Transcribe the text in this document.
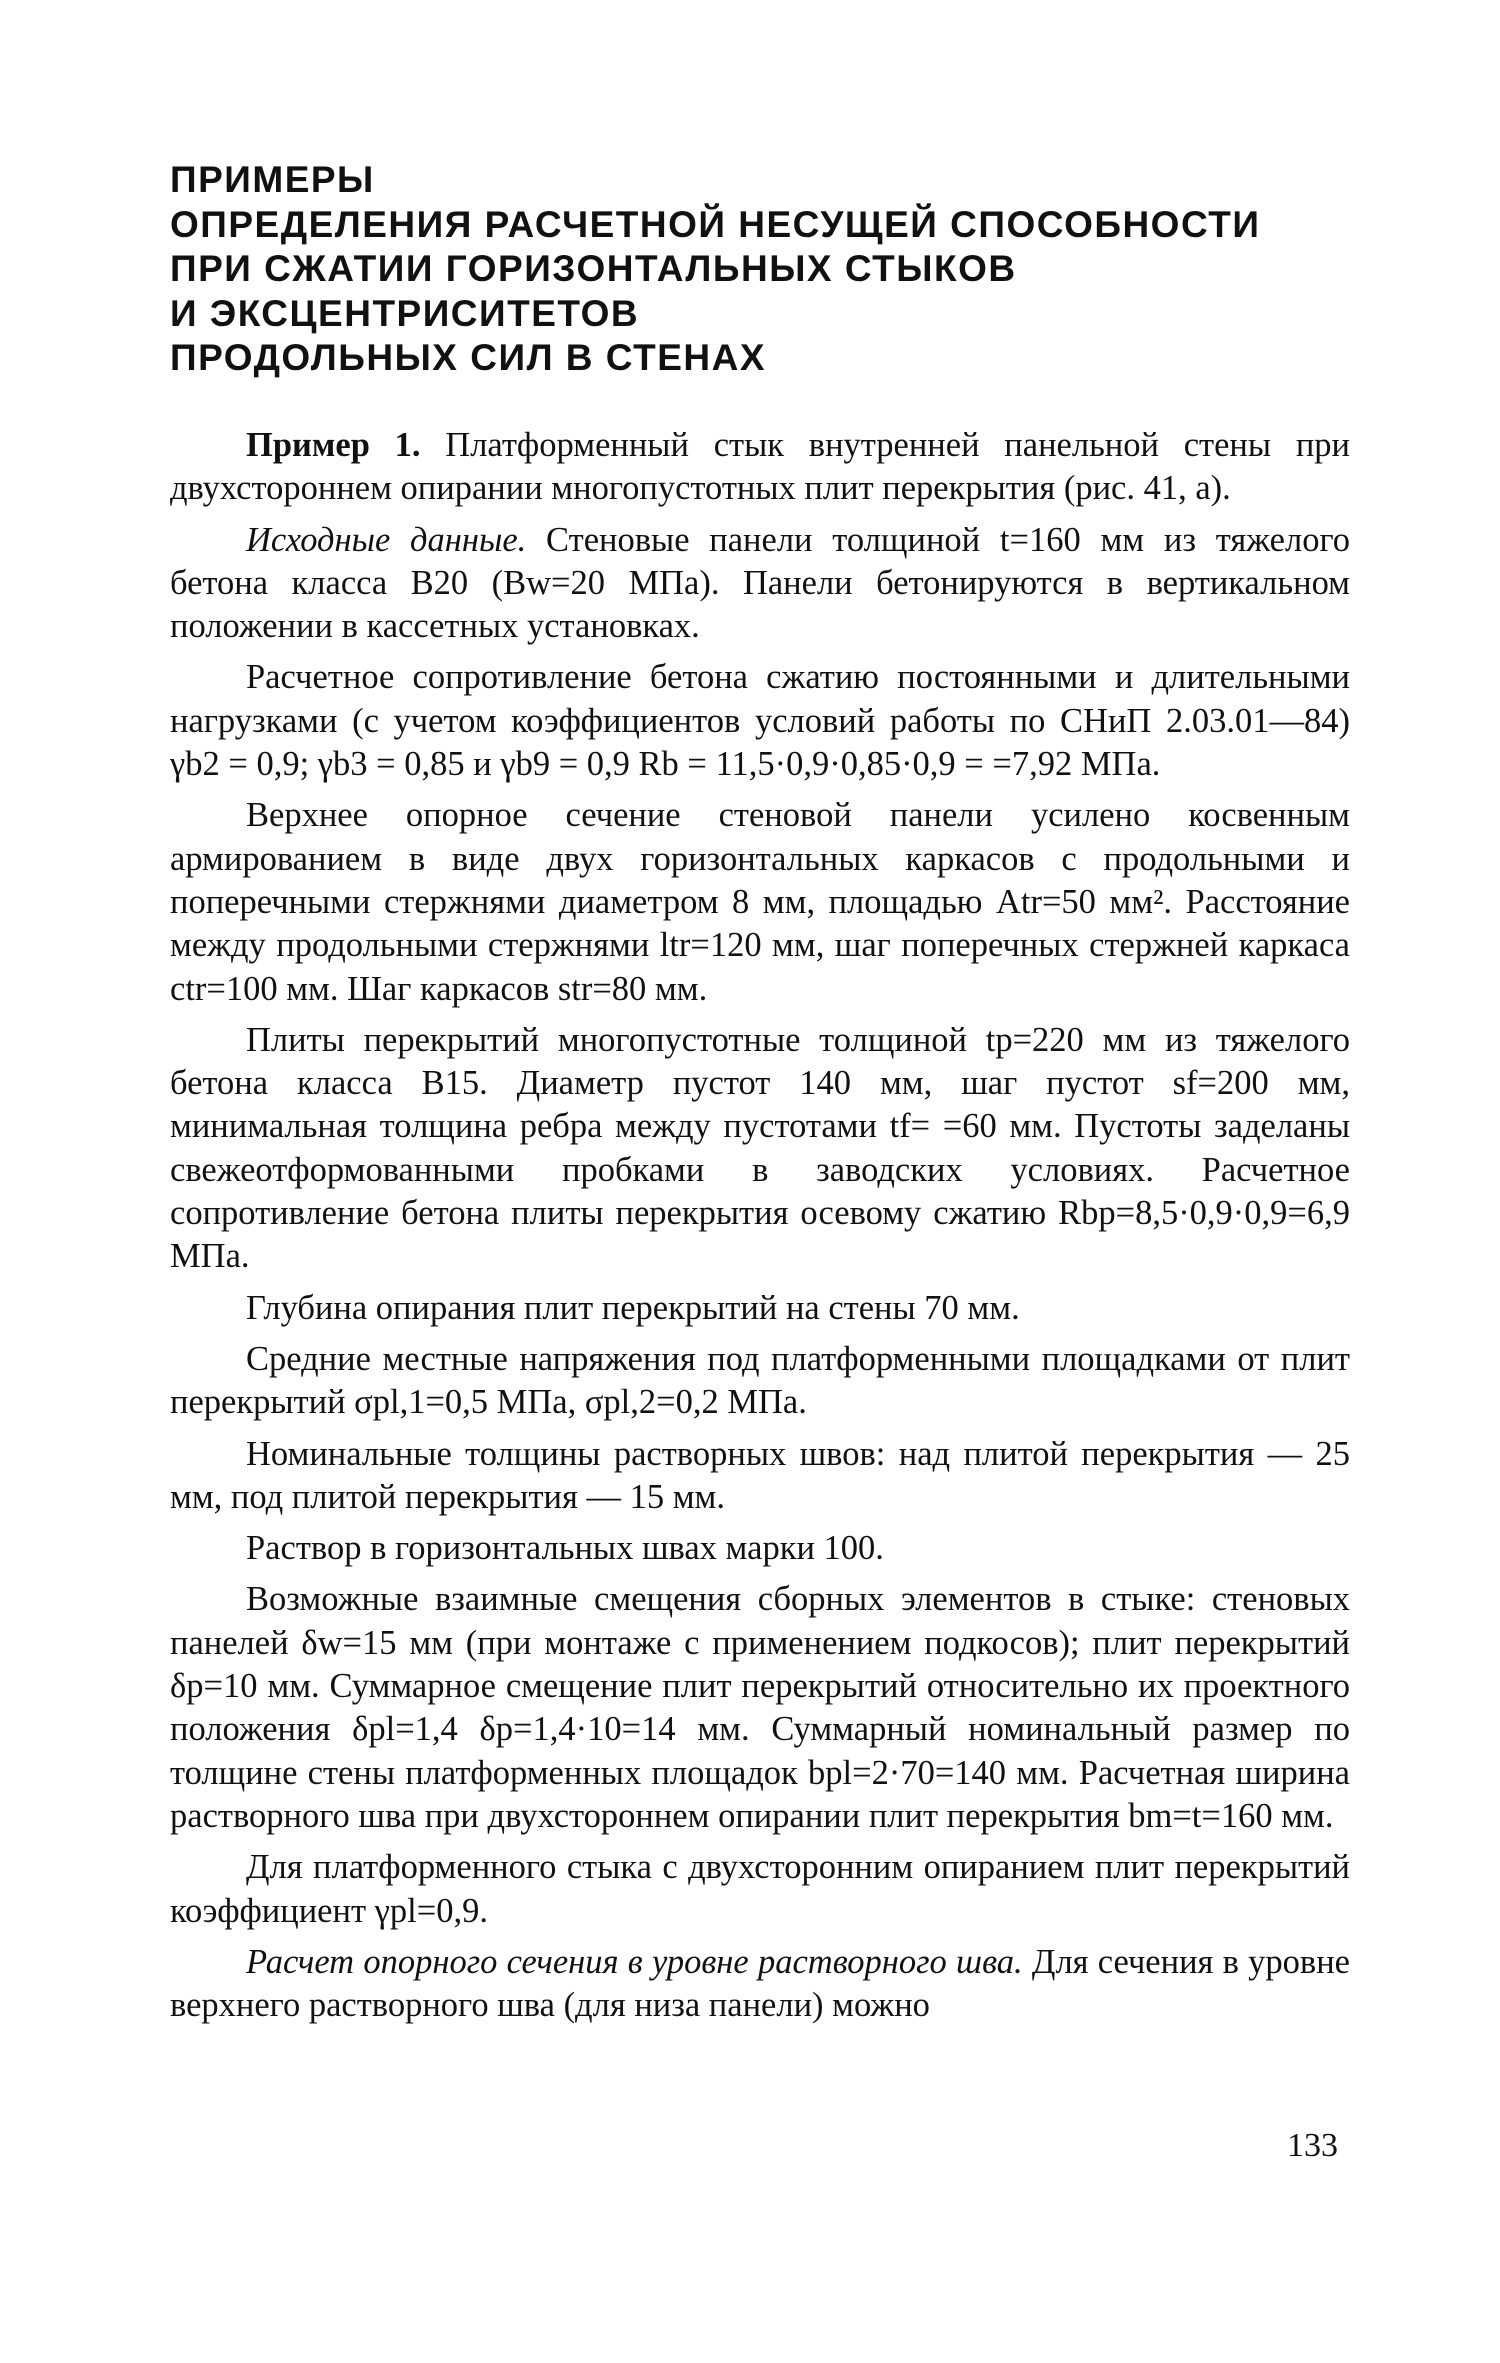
ПРИМЕРЫ
ОПРЕДЕЛЕНИЯ РАСЧЕТНОЙ НЕСУЩЕЙ СПОСОБНОСТИ
ПРИ СЖАТИИ ГОРИЗОНТАЛЬНЫХ СТЫКОВ
И ЭКСЦЕНТРИСИТЕТОВ
ПРОДОЛЬНЫХ СИЛ В СТЕНАХ

Пример 1. Платформенный стык внутренней панельной стены при двухстороннем опирании многопустотных плит перекрытия (рис. 41, а).

Исходные данные. Стеновые панели толщиной t=160 мм из тяжелого бетона класса В20 (Bw=20 МПа). Панели бетонируются в вертикальном положении в кассетных установках.

Расчетное сопротивление бетона сжатию постоянными и длительными нагрузками (с учетом коэффициентов условий работы по СНиП 2.03.01—84) γb2 = 0,9; γb3 = 0,85 и γb9 = 0,9 Rb = 11,5·0,9·0,85·0,9 = =7,92 МПа.

Верхнее опорное сечение стеновой панели усилено косвенным армированием в виде двух горизонтальных каркасов с продольными и поперечными стержнями диаметром 8 мм, площадью Atr=50 мм². Расстояние между продольными стержнями ltr=120 мм, шаг поперечных стержней каркаса ctr=100 мм. Шаг каркасов str=80 мм.

Плиты перекрытий многопустотные толщиной tp=220 мм из тяжелого бетона класса В15. Диаметр пустот 140 мм, шаг пустот sf=200 мм, минимальная толщина ребра между пустотами tf= =60 мм. Пустоты заделаны свежеотформованными пробками в заводских условиях. Расчетное сопротивление бетона плиты перекрытия осевому сжатию Rbp=8,5·0,9·0,9=6,9 МПа.

Глубина опирания плит перекрытий на стены 70 мм.

Средние местные напряжения под платформенными площадками от плит перекрытий σpl,1=0,5 МПа, σpl,2=0,2 МПа.

Номинальные толщины растворных швов: над плитой перекрытия — 25 мм, под плитой перекрытия — 15 мм.

Раствор в горизонтальных швах марки 100.

Возможные взаимные смещения сборных элементов в стыке: стеновых панелей δw=15 мм (при монтаже с применением подкосов); плит перекрытий δp=10 мм. Суммарное смещение плит перекрытий относительно их проектного положения δpl=1,4 δp=1,4·10=14 мм. Суммарный номинальный размер по толщине стены платформенных площадок bpl=2·70=140 мм. Расчетная ширина растворного шва при двухстороннем опирании плит перекрытия bm=t=160 мм.

Для платформенного стыка с двухсторонним опиранием плит перекрытий коэффициент γpl=0,9.

Расчет опорного сечения в уровне растворного шва. Для сечения в уровне верхнего растворного шва (для низа панели) можно

133
